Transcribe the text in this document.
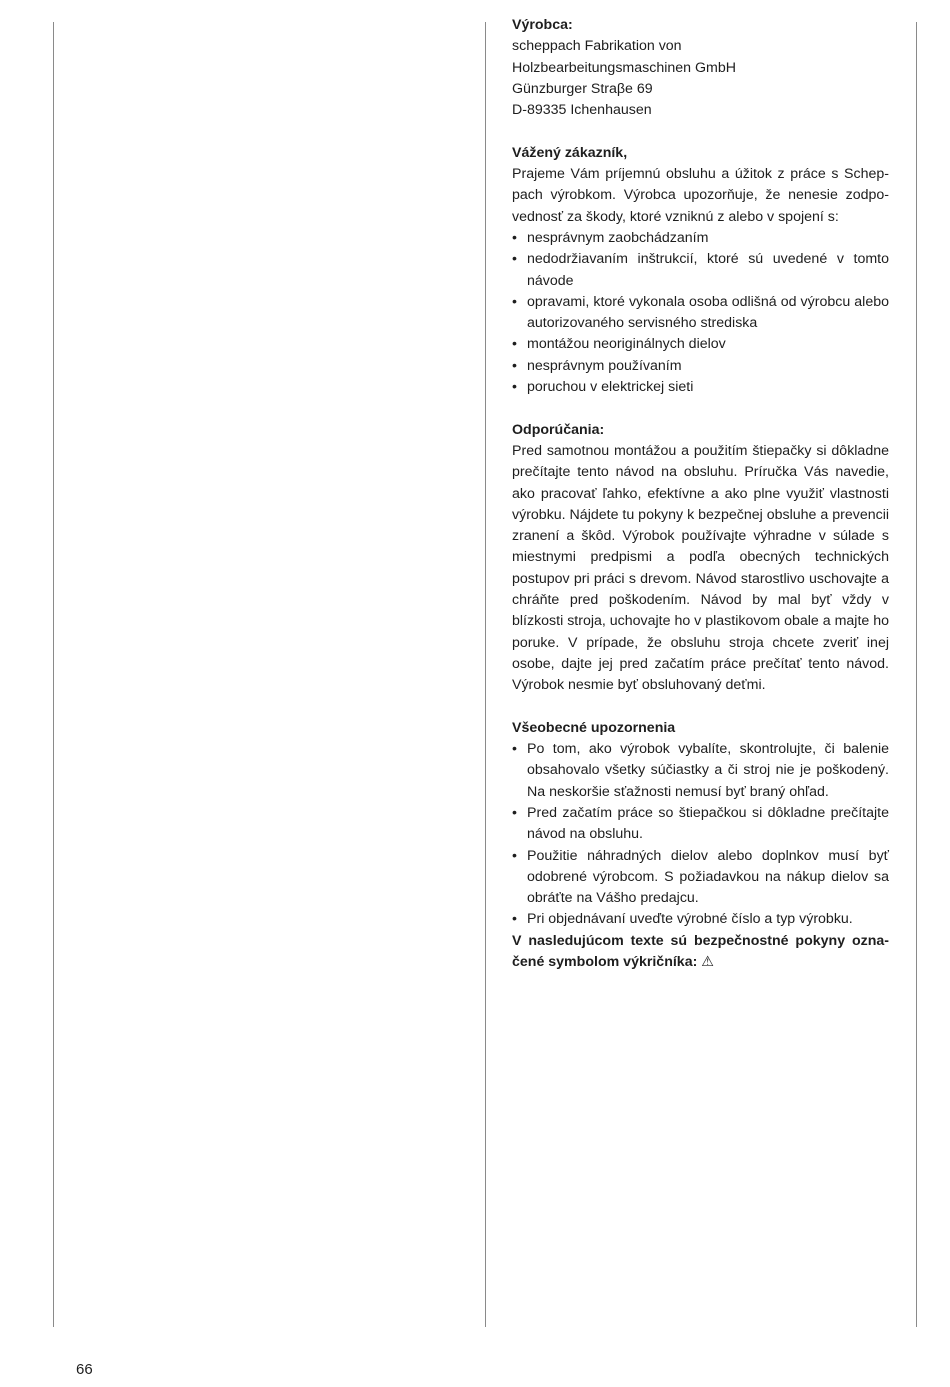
Výrobca:

scheppach Fabrikation von

Holzbearbeitungsmaschinen GmbH

Günzburger Straβe 69

D-89335 Ichenhausen

Vážený zákazník,

Prajeme Vám príjemnú obsluhu a úžitok z práce s Scheppach výrobkom. Výrobca upozorňuje, že nenesie zodpovednosť za škody, ktoré vzniknú z alebo v spojení s:

• nesprávnym zaobchádzaním
• nedodržiavaním inštrukcií, ktoré sú uvedené v tomto návode
• opravami, ktoré vykonala osoba odlišná od výrobcu alebo autorizovaného servisného strediska
• montážou neoriginálnych dielov
• nesprávnym používaním
• poruchou v elektrickej sieti

Odporúčania:

Pred samotnou montážou a použitím štiepačky si dôkladne prečítajte tento návod na obsluhu. Príručka Vás navedie, ako pracovať ľahko, efektívne a ako plne využiť vlastnosti výrobku. Nájdete tu pokyny k bezpečnej obsluhe a prevencii zranení a škôd. Výrobok používajte výhradne v súlade s miestnymi predpismi a podľa obecných technických postupov pri práci s drevom. Návod starostlivo uschovajte a chráňte pred poškodením. Návod by mal byť vždy v blízkosti stroja, uchovajte ho v plastikovom obale a majte ho poruke. V prípade, že obsluhu stroja chcete zveriť inej osobe, dajte jej pred začatím práce prečítať tento návod. Výrobok nesmie byť obsluhovaný deťmi.

Všeobecné upozornenia

• Po tom, ako výrobok vybalíte, skontrolujte, či balenie obsahovalo všetky súčiastky a či stroj nie je poškodený. Na neskoršie sťažnosti nemusí byť braný ohľad.
• Pred začatím práce so štiepačkou si dôkladne prečítajte návod na obsluhu.
• Použitie náhradných dielov alebo doplnkov musí byť odobrené výrobcom. S požiadavkou na nákup dielov sa obráťte na Vášho predajcu.
• Pri objednávaní uveďte výrobné číslo a typ výrobku.

V nasledujúcom texte sú bezpečnostné pokyny označené symbolom výkričníka: ⚠

66
